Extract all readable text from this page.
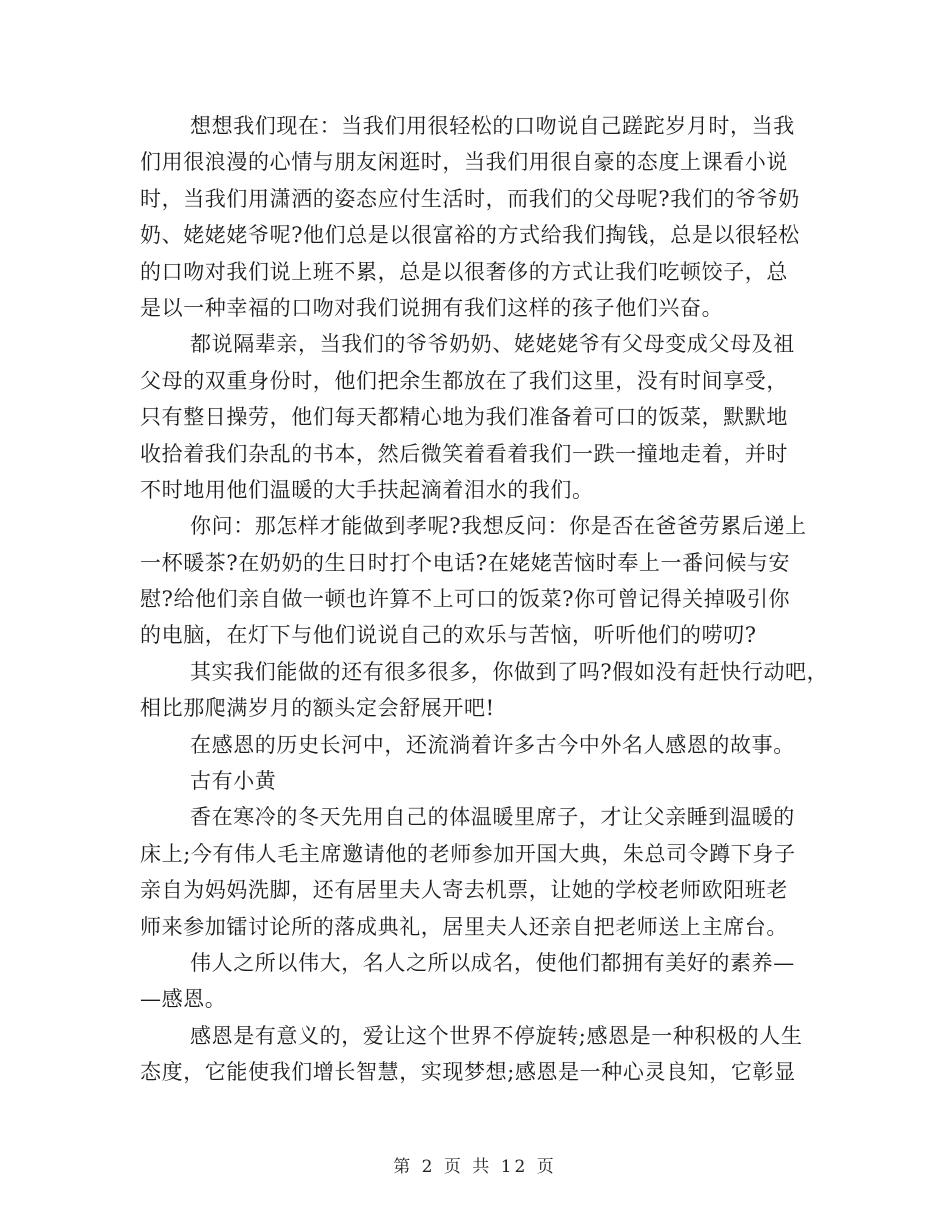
想想我们现在：当我们用很轻松的口吻说自己蹉跎岁月时，当我
们用很浪漫的心情与朋友闲逛时，当我们用很自豪的态度上课看小说
时，当我们用潇洒的姿态应付生活时，而我们的父母呢?我们的爷爷奶
奶、姥姥姥爷呢?他们总是以很富裕的方式给我们掏钱，总是以很轻松
的口吻对我们说上班不累，总是以很奢侈的方式让我们吃顿饺子，总
是以一种幸福的口吻对我们说拥有我们这样的孩子他们兴奋。
都说隔辈亲，当我们的爷爷奶奶、姥姥姥爷有父母变成父母及祖
父母的双重身份时，他们把余生都放在了我们这里，没有时间享受，
只有整日操劳，他们每天都精心地为我们准备着可口的饭菜，默默地
收拾着我们杂乱的书本，然后微笑着看着我们一跌一撞地走着，并时
不时地用他们温暖的大手扶起滴着泪水的我们。
你问：那怎样才能做到孝呢?我想反问：你是否在爸爸劳累后递上
一杯暖茶?在奶奶的生日时打个电话?在姥姥苦恼时奉上一番问候与安
慰?给他们亲自做一顿也许算不上可口的饭菜?你可曾记得关掉吸引你
的电脑，在灯下与他们说说自己的欢乐与苦恼，听听他们的唠叨?
其实我们能做的还有很多很多，你做到了吗?假如没有赶快行动吧，
相比那爬满岁月的额头定会舒展开吧!
在感恩的历史长河中，还流淌着许多古今中外名人感恩的故事。
古有小黄
香在寒冷的冬天先用自己的体温暖里席子，才让父亲睡到温暖的
床上;今有伟人毛主席邀请他的老师参加开国大典，朱总司令蹲下身子
亲自为妈妈洗脚，还有居里夫人寄去机票，让她的学校老师欧阳班老
师来参加镭讨论所的落成典礼，居里夫人还亲自把老师送上主席台。
伟人之所以伟大，名人之所以成名，使他们都拥有美好的素养—
—感恩。
感恩是有意义的，爱让这个世界不停旋转;感恩是一种积极的人生
态度，它能使我们增长智慧，实现梦想;感恩是一种心灵良知，它彰显
第 2 页 共 12 页
